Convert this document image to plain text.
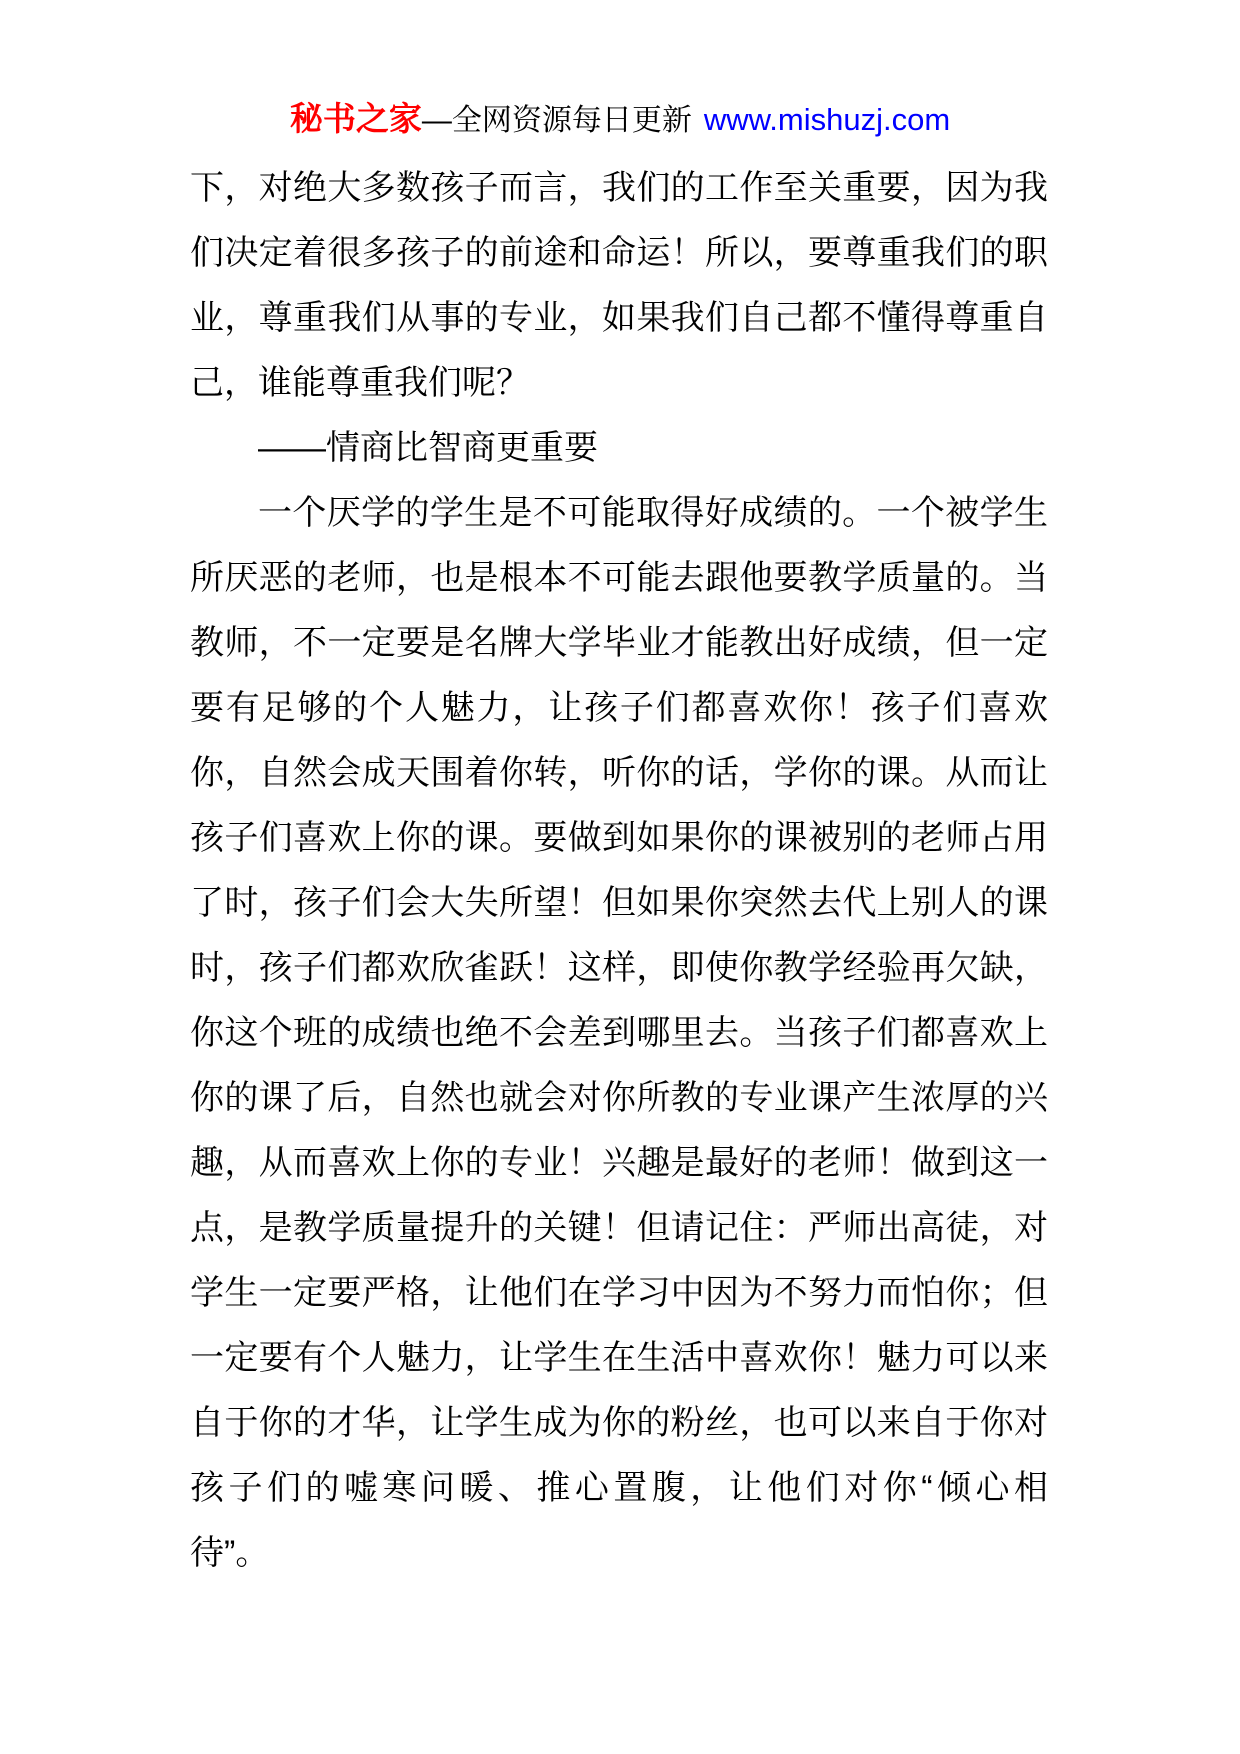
秘书之家—全网资源每日更新 www.mishuzj.com
下，对绝大多数孩子而言，我们的工作至关重要，因为我
们决定着很多孩子的前途和命运！所以，要尊重我们的职
业，尊重我们从事的专业，如果我们自己都不懂得尊重自
己，谁能尊重我们呢？
——情商比智商更重要
一个厌学的学生是不可能取得好成绩的。一个被学生
所厌恶的老师，也是根本不可能去跟他要教学质量的。当
教师，不一定要是名牌大学毕业才能教出好成绩，但一定
要有足够的个人魅力，让孩子们都喜欢你！孩子们喜欢
你，自然会成天围着你转，听你的话，学你的课。从而让
孩子们喜欢上你的课。要做到如果你的课被别的老师占用
了时，孩子们会大失所望！但如果你突然去代上别人的课
时，孩子们都欢欣雀跃！这样，即使你教学经验再欠缺，
你这个班的成绩也绝不会差到哪里去。当孩子们都喜欢上
你的课了后，自然也就会对你所教的专业课产生浓厚的兴
趣，从而喜欢上你的专业！兴趣是最好的老师！做到这一
点，是教学质量提升的关键！但请记住：严师出高徒，对
学生一定要严格，让他们在学习中因为不努力而怕你；但
一定要有个人魅力，让学生在生活中喜欢你！魅力可以来
自于你的才华，让学生成为你的粉丝，也可以来自于你对
孩子们的嘘寒问暖、推心置腹，让他们对你“倾心相
待”。
